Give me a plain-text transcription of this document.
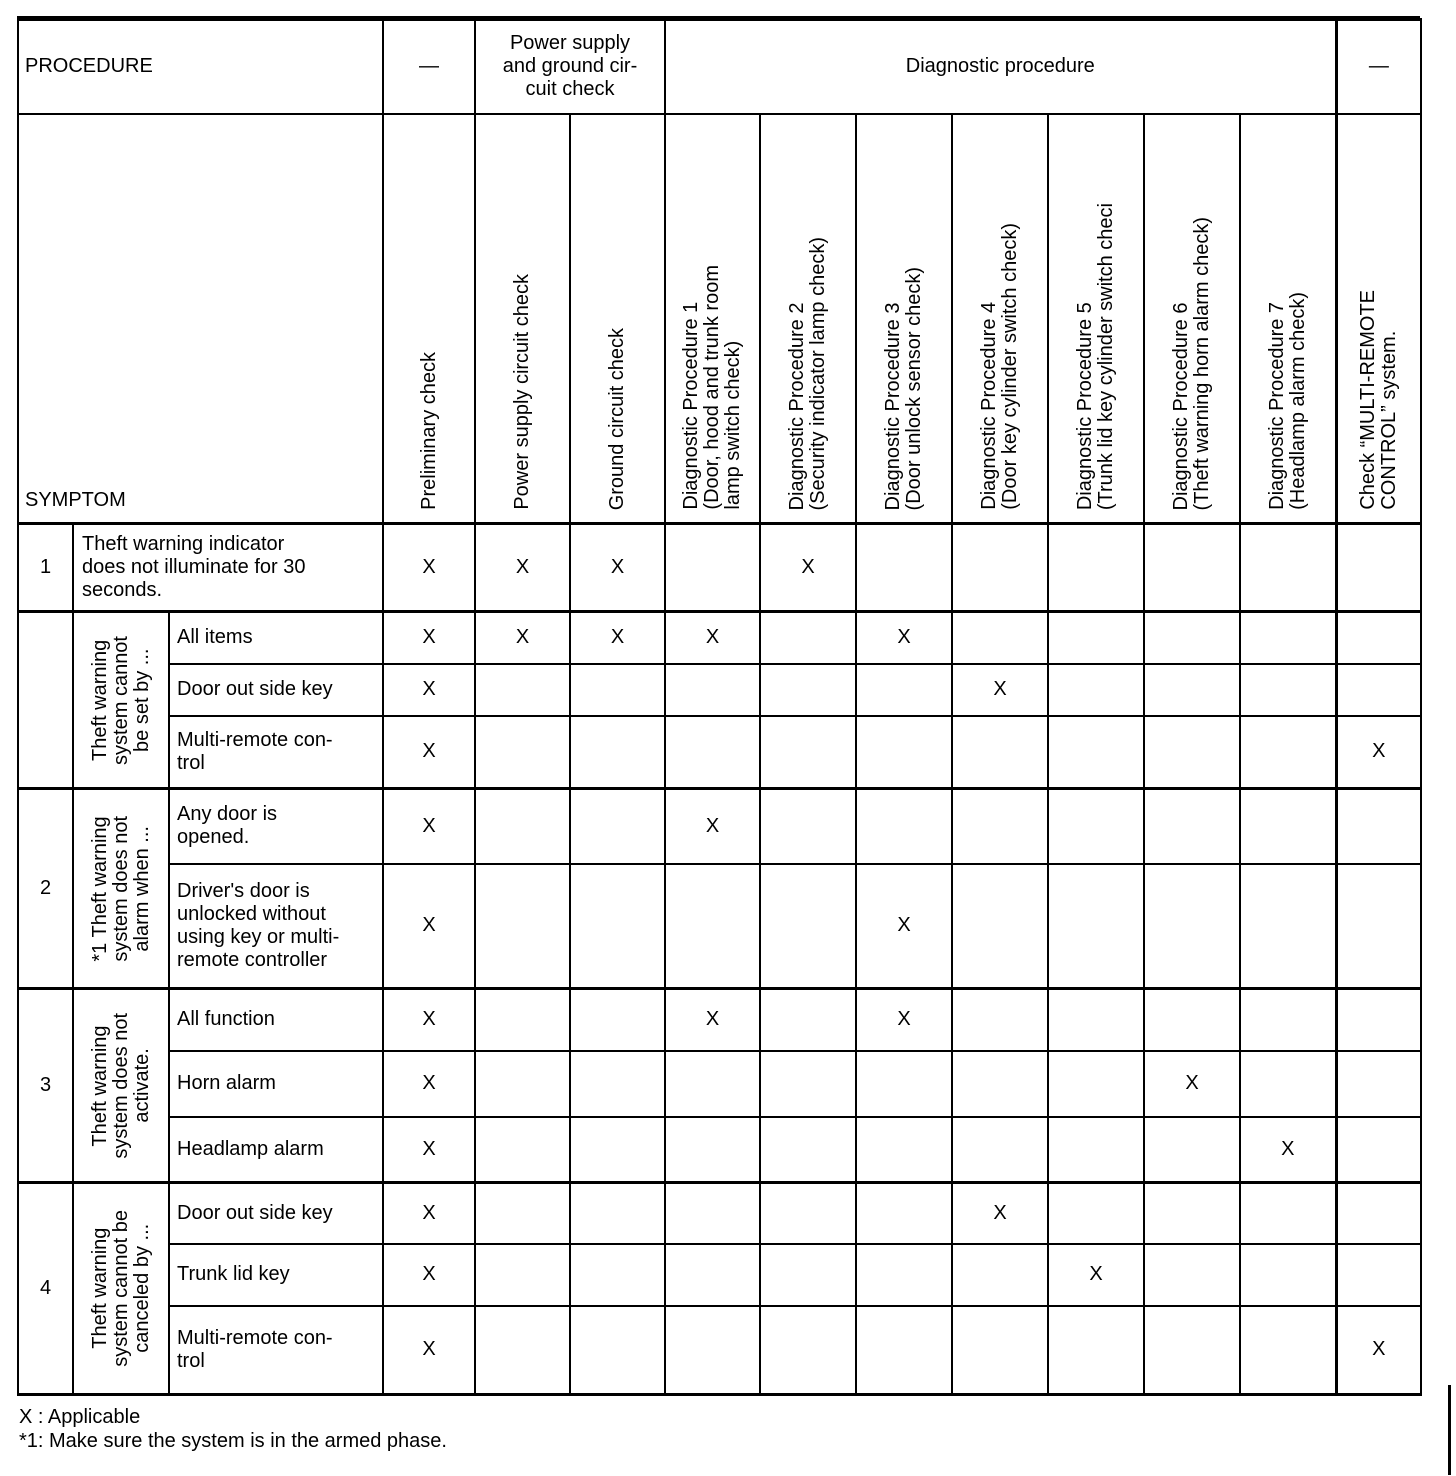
PROCEDURE			—	Power supply
and ground cir-
cuit check		Diagnostic procedure							—
SYMPTOM			Preliminary check	Power supply circuit check	Ground circuit check	Diagnostic Procedure 1
(Door, hood and trunk room
lamp switch check)	Diagnostic Procedure 2
(Security indicator lamp check)	Diagnostic Procedure 3
(Door unlock sensor check)	Diagnostic Procedure 4
(Door key cylinder switch check)	Diagnostic Procedure 5
(Trunk lid key cylinder switch checi	Diagnostic Procedure 6
(Theft warning horn alarm check)	Diagnostic Procedure 7
(Headlamp alarm check)	Check “MULTI-REMOTE
CONTROL” system.

1	Theft warning indicator
does not illuminate for 30
seconds.		X	X	X		X						

	Theft warning
system cannot
be set by ...	All items	X	X	X	X		X					
		Door out side key	X						X				
		Multi-remote con-
trol	X										X
2	*1 Theft warning
system does not
alarm when ...	Any door is
opened.	X			X							
		Driver's door is
unlocked without
using key or multi-
remote controller	X					X					
3	Theft warning
system does not
activate.	All function	X			X		X					
		Horn alarm	X								X		
		Headlamp alarm	X									X	
4	Theft warning
system cannot be
canceled by ...	Door out side key	X						X				
		Trunk lid key	X							X			
		Multi-remote con-
trol	X										X
X : Applicable
*1: Make sure the system is in the armed phase.
